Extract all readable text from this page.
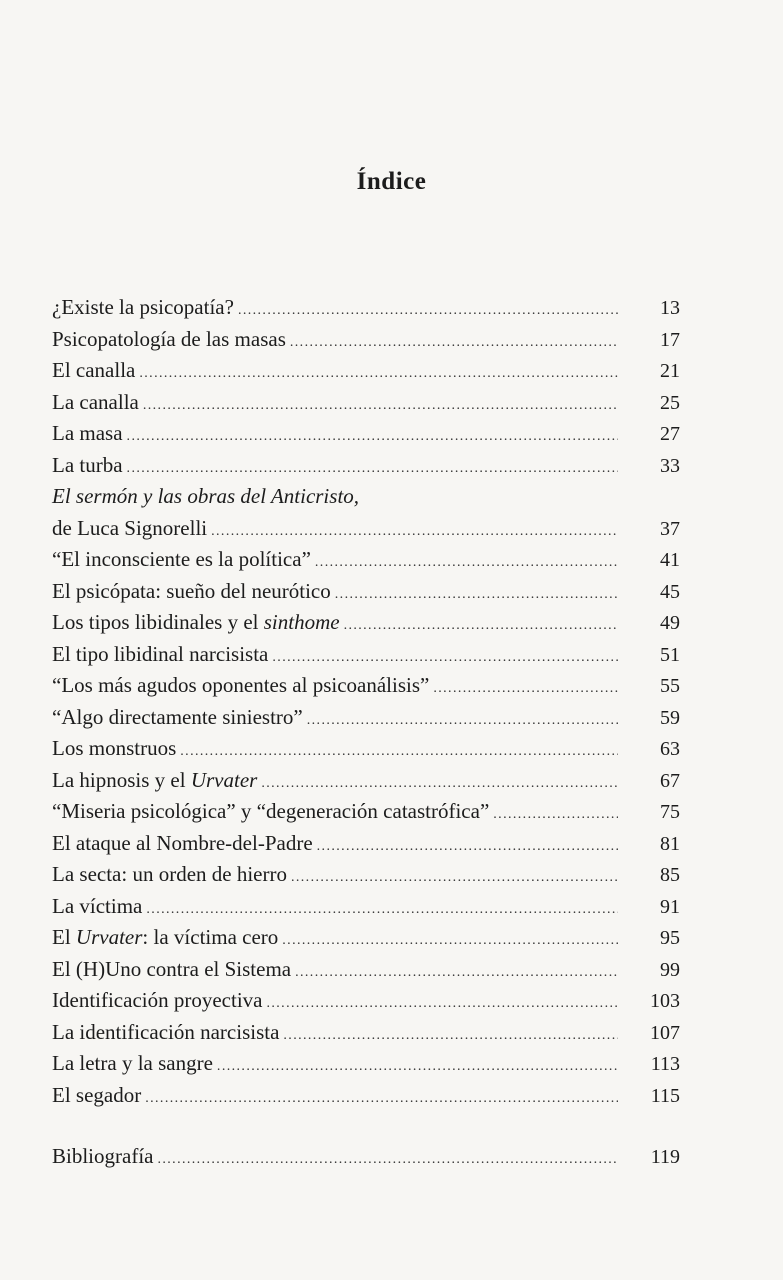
Índice
¿Existe la psicopatía? .....	13
Psicopatología de las masas .....	17
El canalla .....	21
La canalla .....	25
La masa .....	27
La turba .....	33
El sermón y las obras del Anticristo,
de Luca Signorelli .....	37
“El inconsciente es la política” .....	41
El psicópata: sueño del neurótico .....	45
Los tipos libidinales y el sinthome .....	49
El tipo libidinal narcisista .....	51
“Los más agudos oponentes al psicoanálisis” .....	55
“Algo directamente siniestro” .....	59
Los monstruos .....	63
La hipnosis y el Urvater .....	67
“Miseria psicológica” y “degeneración catastrófica” .....	75
El ataque al Nombre-del-Padre .....	81
La secta: un orden de hierro .....	85
La víctima .....	91
El Urvater: la víctima cero .....	95
El (H)Uno contra el Sistema .....	99
Identificación proyectiva .....	103
La identificación narcisista .....	107
La letra y la sangre .....	113
El segador .....	115
Bibliografía .....	119
